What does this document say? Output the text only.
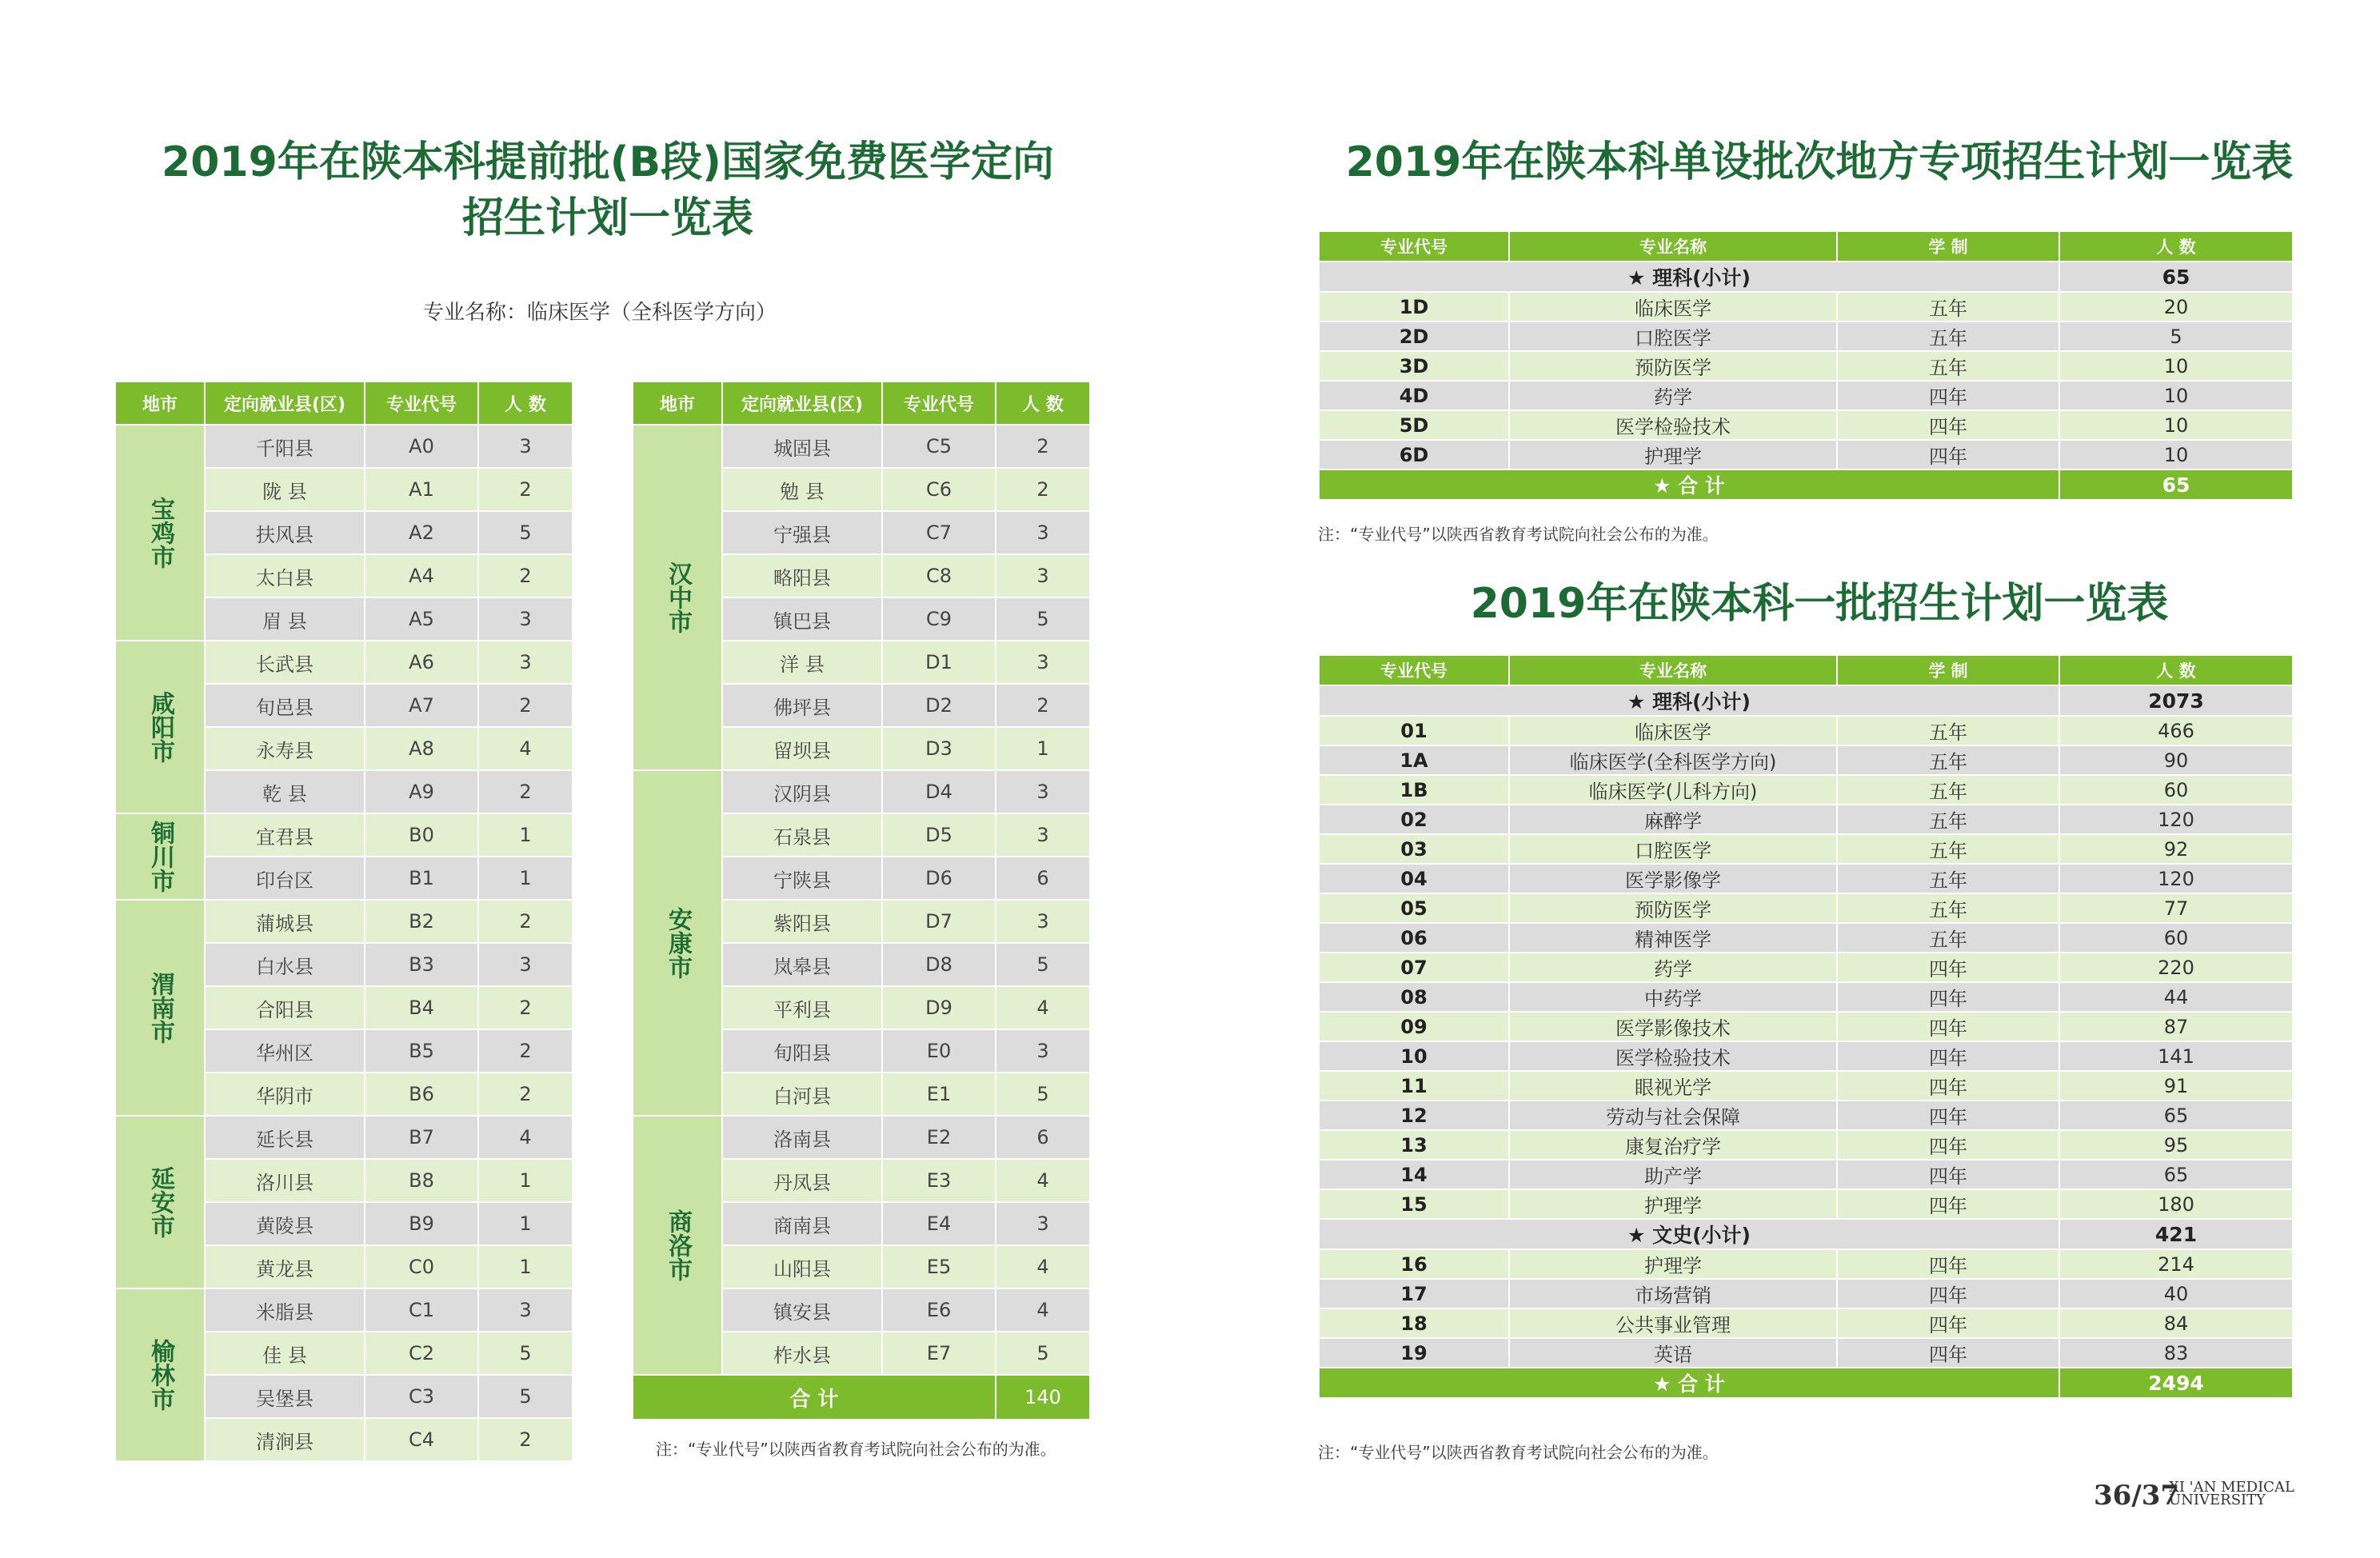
2019年在陕本科提前批(B段)国家免费医学定向
招生计划一览表
专业名称：临床医学（全科医学方向）
地市	定向就业县(区)	专业代号	人 数
宝鸡市	千阳县	A0	3
	陇 县	A1	2
	扶风县	A2	5
	太白县	A4	2
	眉 县	A5	3
咸阳市	长武县	A6	3
	旬邑县	A7	2
	永寿县	A8	4
	乾 县	A9	2
铜川市	宜君县	B0	1
	印台区	B1	1
渭南市	蒲城县	B2	2
	白水县	B3	3
	合阳县	B4	2
	华州区	B5	2
	华阴市	B6	2
延安市	延长县	B7	4
	洛川县	B8	1
	黄陵县	B9	1
	黄龙县	C0	1
榆林市	米脂县	C1	3
	佳 县	C2	5
	吴堡县	C3	5
	清涧县	C4	2
地市	定向就业县(区)	专业代号	人 数
汉中市	城固县	C5	2
	勉 县	C6	2
	宁强县	C7	3
	略阳县	C8	3
	镇巴县	C9	5
	洋 县	D1	3
	佛坪县	D2	2
	留坝县	D3	1
安康市	汉阴县	D4	3
	石泉县	D5	3
	宁陕县	D6	6
	紫阳县	D7	3
	岚皋县	D8	5
	平利县	D9	4
	旬阳县	E0	3
	白河县	E1	5
商洛市	洛南县	E2	6
	丹凤县	E3	4
	商南县	E4	3
	山阳县	E5	4
	镇安县	E6	4
	柞水县	E7	5
合 计			140
注：“专业代号”以陕西省教育考试院向社会公布的为准。
2019年在陕本科单设批次地方专项招生计划一览表
专业代号	专业名称	学 制	人 数
★ 理科(小计)			65
1D	临床医学	五年	20
2D	口腔医学	五年	5
3D	预防医学	五年	10
4D	药学	四年	10
5D	医学检验技术	四年	10
6D	护理学	四年	10
★ 合 计			65
注：“专业代号”以陕西省教育考试院向社会公布的为准。
2019年在陕本科一批招生计划一览表
专业代号	专业名称	学 制	人 数
★ 理科(小计)			2073
01	临床医学	五年	466
1A	临床医学(全科医学方向)	五年	90
1B	临床医学(儿科方向)	五年	60
02	麻醉学	五年	120
03	口腔医学	五年	92
04	医学影像学	五年	120
05	预防医学	五年	77
06	精神医学	五年	60
07	药学	四年	220
08	中药学	四年	44
09	医学影像技术	四年	87
10	医学检验技术	四年	141
11	眼视光学	四年	91
12	劳动与社会保障	四年	65
13	康复治疗学	四年	95
14	助产学	四年	65
15	护理学	四年	180
★ 文史(小计)			421
16	护理学	四年	214
17	市场营销	四年	40
18	公共事业管理	四年	84
19	英语	四年	83
★ 合 计			2494
注：“专业代号”以陕西省教育考试院向社会公布的为准。
36/37
XI 'AN MEDICAL
UNIVERSITY
